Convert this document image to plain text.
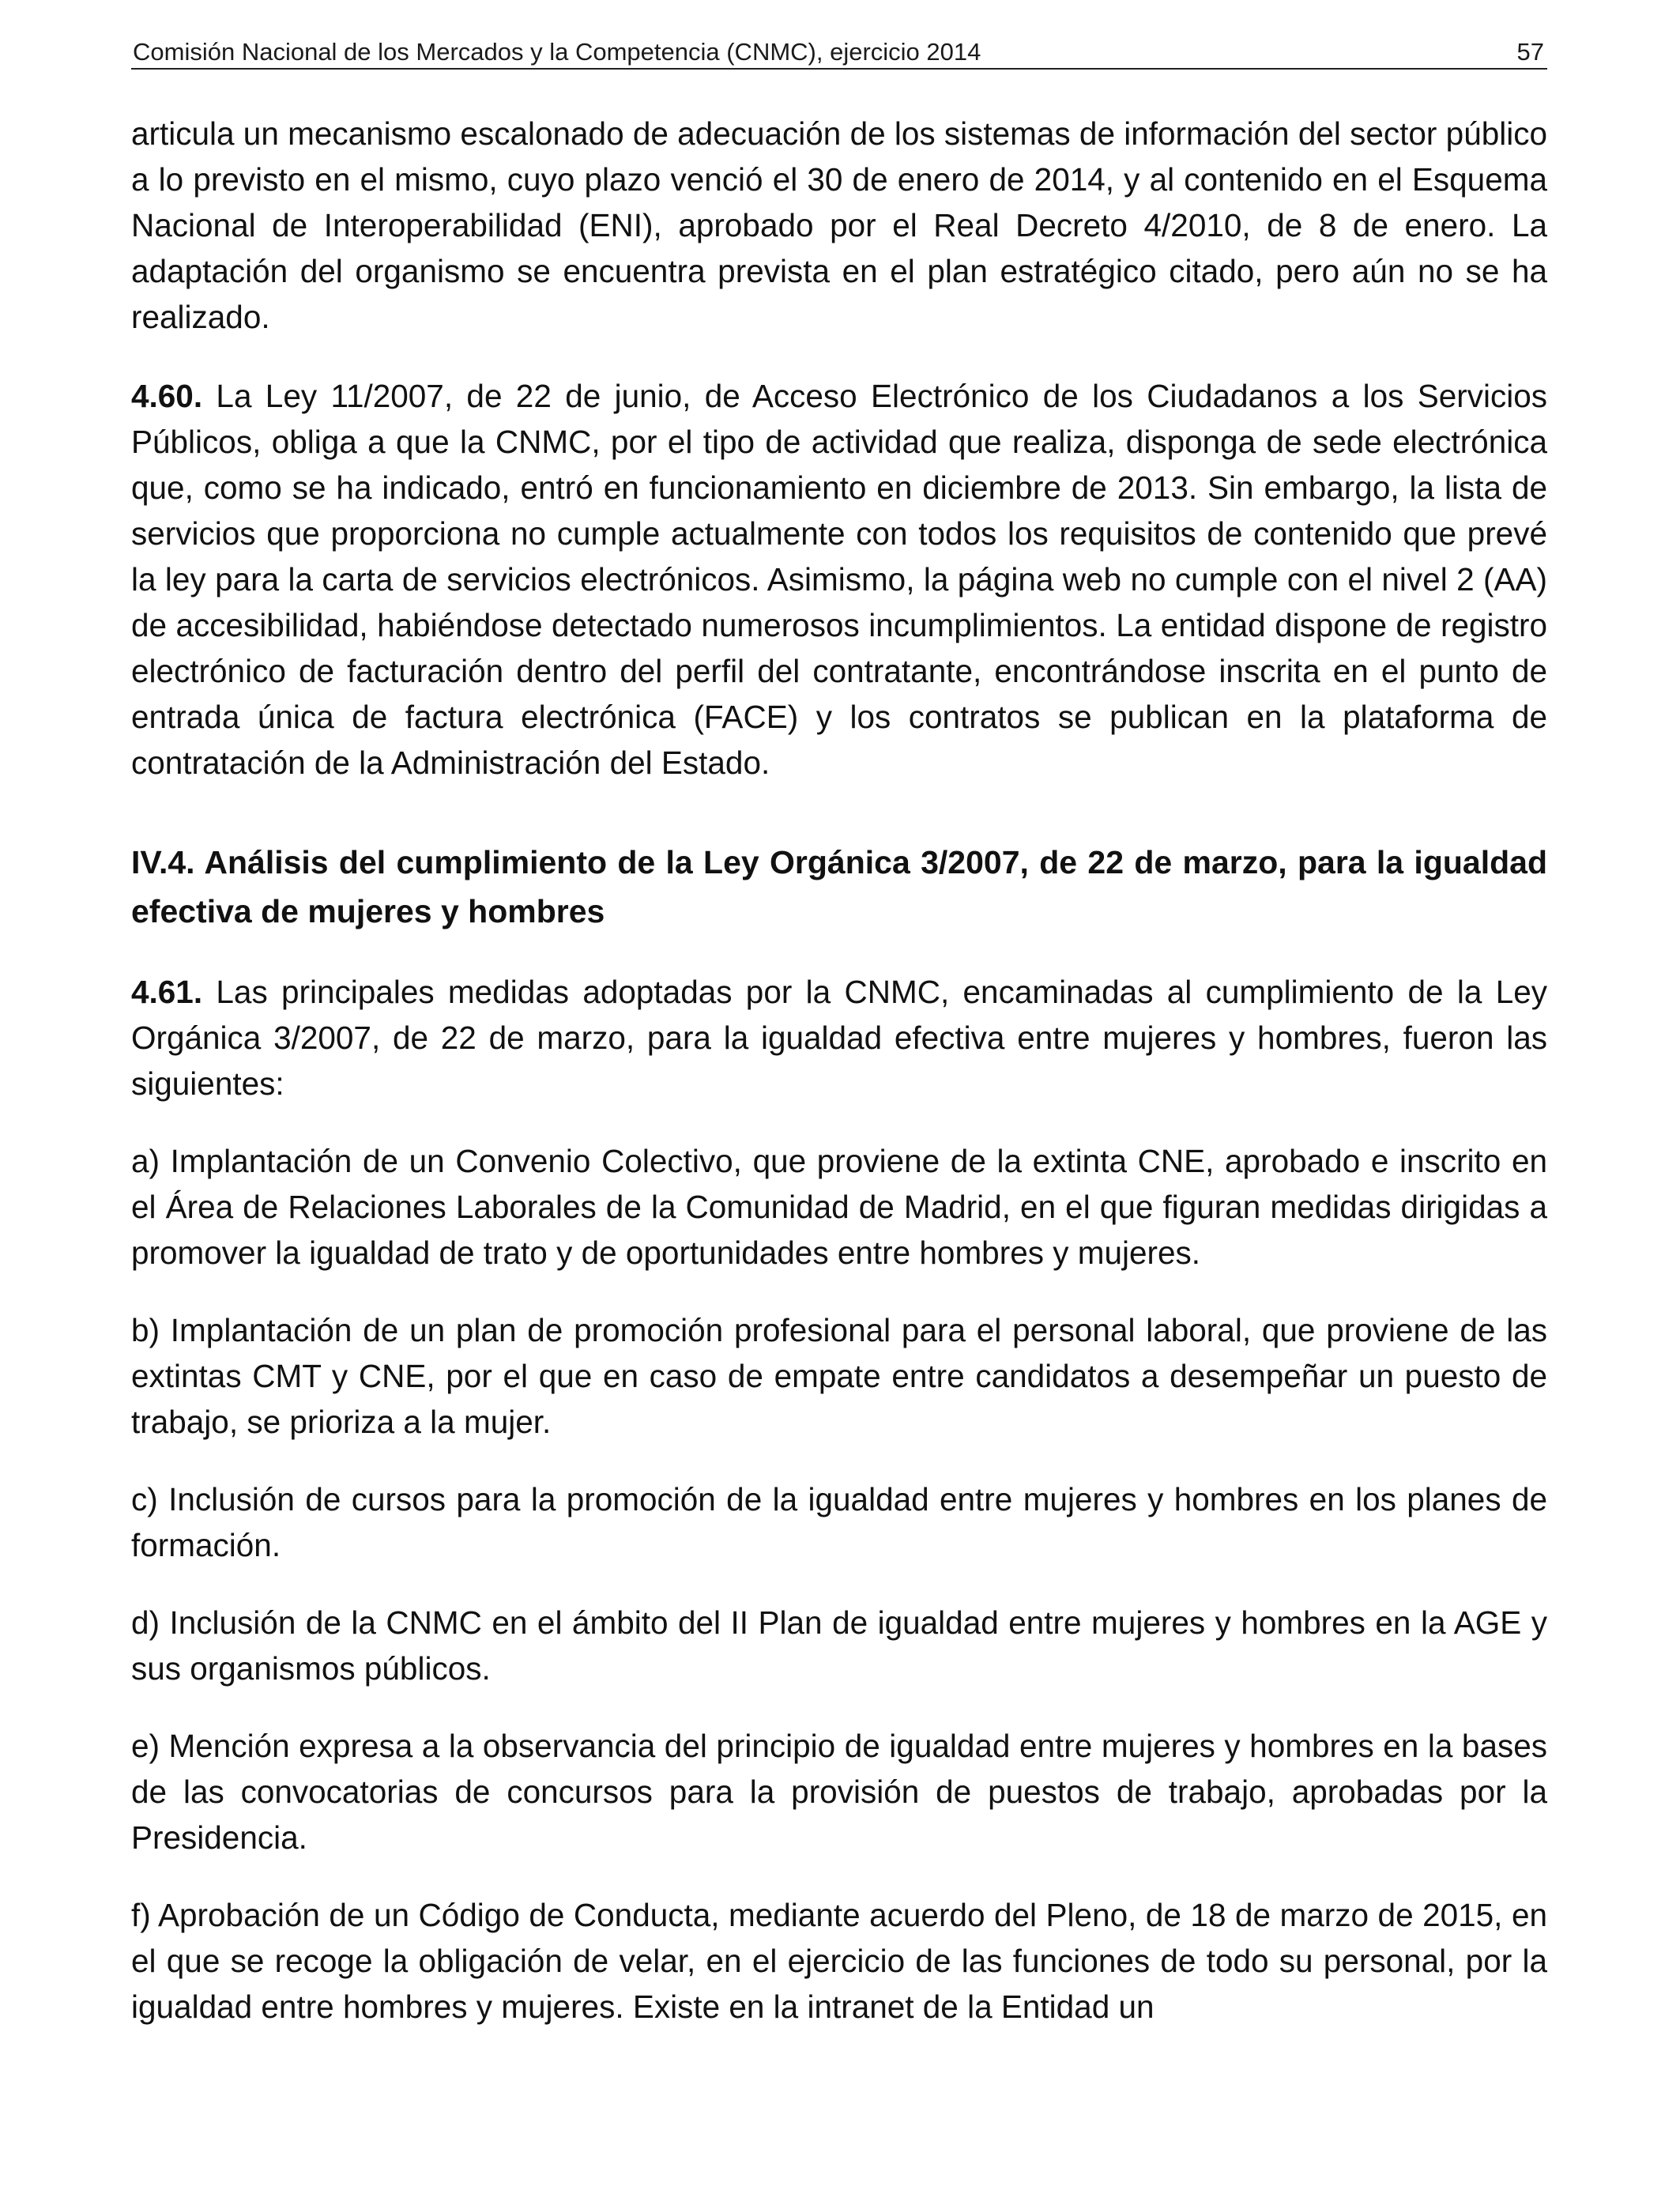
Comisión Nacional de los Mercados y la Competencia (CNMC), ejercicio 2014	57

articula un mecanismo escalonado de adecuación de los sistemas de información del sector público a lo previsto en el mismo, cuyo plazo venció el 30 de enero de 2014, y al contenido en el Esquema Nacional de Interoperabilidad (ENI), aprobado por el Real Decreto 4/2010, de 8 de enero. La adaptación del organismo se encuentra prevista en el plan estratégico citado, pero aún no se ha realizado.

4.60. La Ley 11/2007, de 22 de junio, de Acceso Electrónico de los Ciudadanos a los Servicios Públicos, obliga a que la CNMC, por el tipo de actividad que realiza, disponga de sede electrónica que, como se ha indicado, entró en funcionamiento en diciembre de 2013. Sin embargo, la lista de servicios que proporciona no cumple actualmente con todos los requisitos de contenido que prevé la ley para la carta de servicios electrónicos. Asimismo, la página web no cumple con el nivel 2 (AA) de accesibilidad, habiéndose detectado numerosos incumplimientos. La entidad dispone de registro electrónico de facturación dentro del perfil del contratante, encontrándose inscrita en el punto de entrada única de factura electrónica (FACE) y los contratos se publican en la plataforma de contratación de la Administración del Estado.

IV.4. Análisis del cumplimiento de la Ley Orgánica 3/2007, de 22 de marzo, para la igualdad efectiva de mujeres y hombres

4.61. Las principales medidas adoptadas por la CNMC, encaminadas al cumplimiento de la Ley Orgánica 3/2007, de 22 de marzo, para la igualdad efectiva entre mujeres y hombres, fueron las siguientes:

a) Implantación de un Convenio Colectivo, que proviene de la extinta CNE, aprobado e inscrito en el Área de Relaciones Laborales de la Comunidad de Madrid, en el que figuran medidas dirigidas a promover la igualdad de trato y de oportunidades entre hombres y mujeres.

b) Implantación de un plan de promoción profesional para el personal laboral, que proviene de las extintas CMT y CNE, por el que en caso de empate entre candidatos a desempeñar un puesto de trabajo, se prioriza a la mujer.

c) Inclusión de cursos para la promoción de la igualdad entre mujeres y hombres en los planes de formación.

d) Inclusión de la CNMC en el ámbito del II Plan de igualdad entre mujeres y hombres en la AGE y sus organismos públicos.

e) Mención expresa a la observancia del principio de igualdad entre mujeres y hombres en la bases de las convocatorias de concursos para la provisión de puestos de trabajo, aprobadas por la Presidencia.

f) Aprobación de un Código de Conducta, mediante acuerdo del Pleno, de 18 de marzo de 2015, en el que se recoge la obligación de velar, en el ejercicio de las funciones de todo su personal, por la igualdad entre hombres y mujeres. Existe en la intranet de la Entidad un
